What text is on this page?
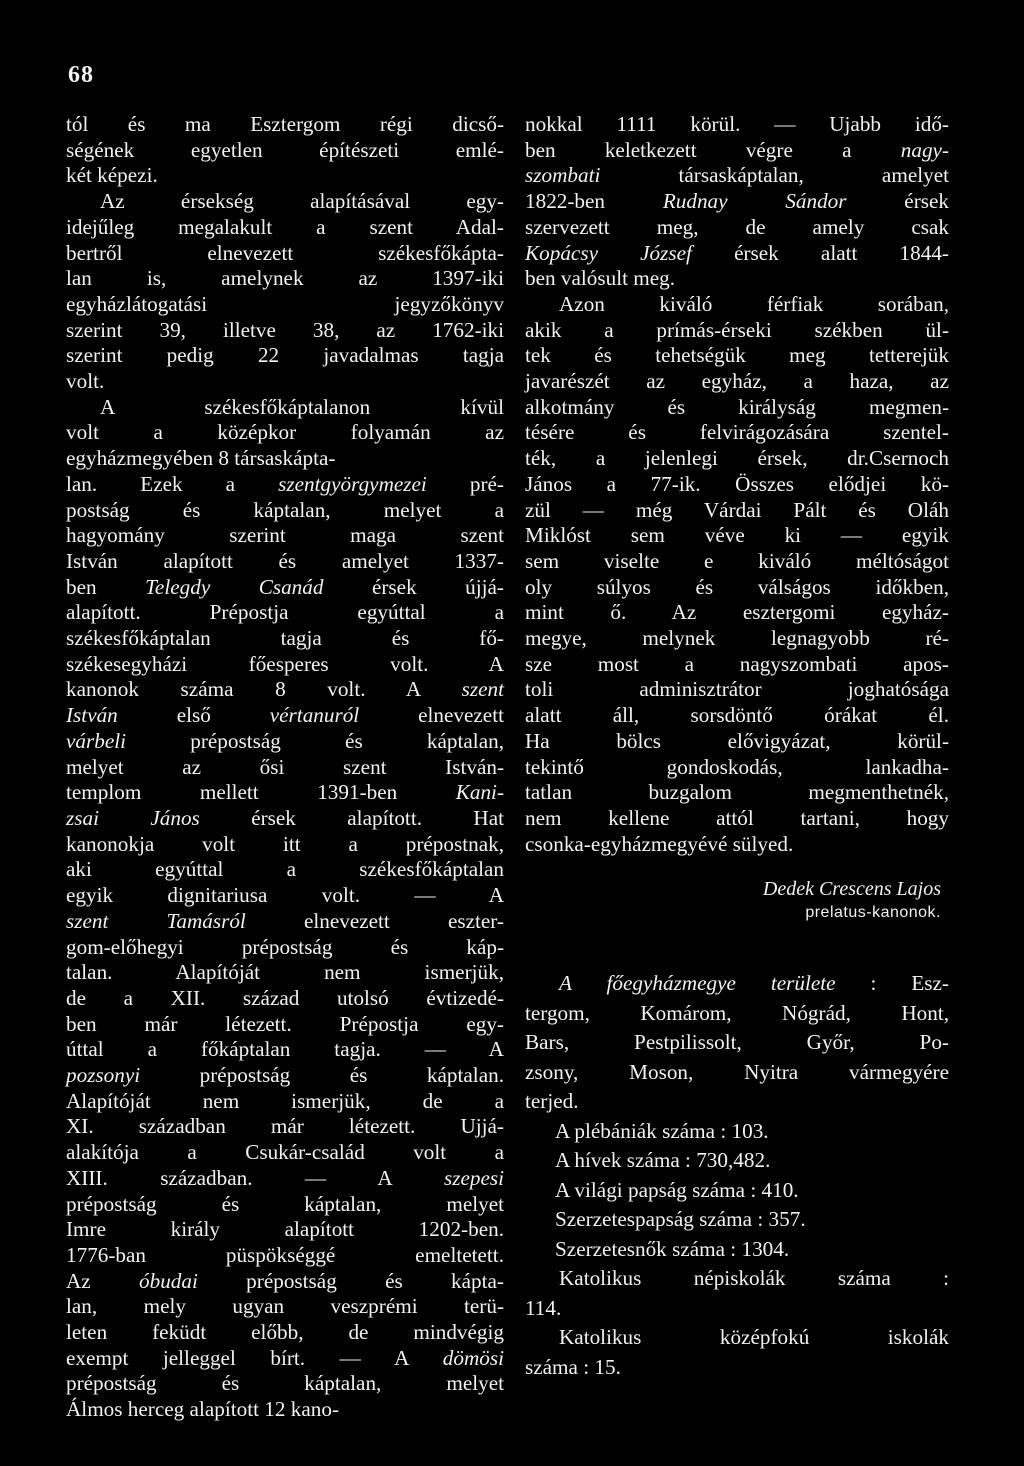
68
tól és ma Esztergom régi dicső-
ségének egyetlen építészeti emlé-
két képezi.
Az érsekség alapításával egy-
idejűleg megalakult a szent Adal-
bertről elnevezett székesfőkáptа-
lan is, amelynek az 1397-iki
egyházlátogatási jegyzőkönyv
szerint 39, illetve 38, az 1762-iki
szerint pedig 22 javadalmas tagja
volt.
A székesfőkáptalanon kívül
volt a középkor folyamán az
egyházmegyében 8 társaskáptа-
lan. Ezek a szentgyörgymezei pré-
postság és káptalan, melyet a
hagyomány szerint maga szent
István alapított és amelyet 1337-
ben Telegdy Csanád érsek újjá-
alapított. Prépostja egyúttal a
székesfőkáptalan tagja és fő-
székesegyházi főesperes volt. A
kanonok száma 8 volt. A szent
István első vértanuról elnevezett
várbeli prépostság és káptalan,
melyet az ősi szent István-
templom mellett 1391-ben Kani-
zsai János érsek alapított. Hat
kanonokja volt itt a prépostnak,
aki egyúttal a székesfőkáptalan
egyik dignitariusa volt. — A
szent Tamásról elnevezett eszter-
gom-előhegyi prépostság és káp-
talan. Alapítóját nem ismerjük,
de a XII. század utolsó évtizedé-
ben már létezett. Prépostja egy-
úttal a főkáptalan tagja. — A
pozsonyi prépostság és káptalan.
Alapítóját nem ismerjük, de a
XI. században már létezett. Ujjá-
alakítója a Csukár-család volt a
XIII. században. — A szepesi
prépostság és káptalan, melyet
Imre király alapított 1202-ben.
1776-ban püspökséggé emeltetett.
Az óbudai prépostság és káptа-
lan, mely ugyan veszprémi terü-
leten feküdt előbb, de mindvégig
exempt jelleggel bírt. — A dömösi
prépostság és káptalan, melyet
Álmos herceg alapított 12 kano-
nokkal 1111 körül. — Ujabb idő-
ben keletkezett végre a nagy-
szombati társaskáptalan, amelyet
1822-ben Rudnay Sándor érsek
szervezett meg, de amely csak
Kopácsy József érsek alatt 1844-
ben valósult meg.
Azon kiváló férfiak sorában,
akik a prímás-érseki székben ül-
tek és tehetségük meg tetterejük
javarészét az egyház, a haza, az
alkotmány és királyság megmen-
tésére és felvirágozására szentel-
ték, a jelenlegi érsek, dr.Csernoch
János a 77-ik. Összes elődjei kö-
zül — még Várdai Pált és Oláh
Miklóst sem véve ki — egyik
sem viselte e kiváló méltóságot
oly súlyos és válságos időkben,
mint ő. Az esztergomi egyház-
megye, melynek legnagyobb ré-
sze most a nagyszombati apos-
toli adminisztrátor joghatósága
alatt áll, sorsdöntő órákat él.
Ha bölcs elővigyázat, körül-
tekintő gondoskodás, lankadha-
tatlan buzgalom megmenthetnék,
nem kellene attól tartani, hogy
csonka-egyházmegyévé sülyed.
Dedek Crescens Lajos
prelatus-kanonok.
A főegyházmegye területe : Esz-
tergom, Komárom, Nógrád, Hont,
Bars, Pestpilissolt, Győr, Po-
zsony, Moson, Nyitra vármegyére
terjed.
A plébániák száma : 103.
A hívek száma : 730,482.
A világi papság száma : 410.
Szerzetespapság száma : 357.
Szerzetesnők száma : 1304.
Katolikus népiskolák száma :
114.
Katolikus középfokú iskolák
száma : 15.
